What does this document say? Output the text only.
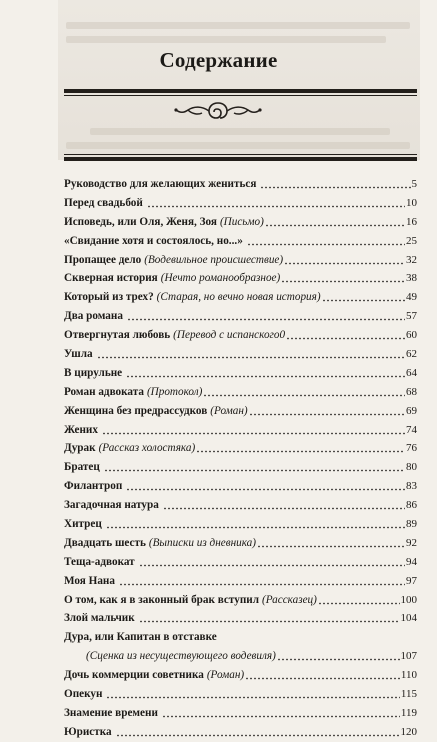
Содержание
Руководство для желающих жениться	5
Перед свадьбой	10
Исповедь, или Оля, Женя, Зоя (Письмо)	16
«Свидание хотя и состоялось, но...»	25
Пропащее дело (Водевильное происшествие)	32
Скверная история (Нечто романообразное)	38
Который из трех? (Старая, но вечно новая история)	49
Два романа	57
Отвергнутая любовь (Перевод с испанского0	60
Ушла	62
В цирульне	64
Роман адвоката (Протокол)	68
Женщина без предрассудков (Роман)	69
Жених	74
Дурак (Рассказ холостяка)	76
Братец	80
Филантроп	83
Загадочная натура	86
Хитрец	89
Двадцать шесть (Выписки из дневника)	92
Теща-адвокат	94
Моя Нана	97
О том, как я в законный брак вступил (Рассказец)	100
Злой мальчик	104
Дура, или Капитан в отставке
(Сценка из несуществующего водевиля)	107
Дочь коммерции советника (Роман)	110
Опекун	115
Знамение времени	119
Юристка	120
